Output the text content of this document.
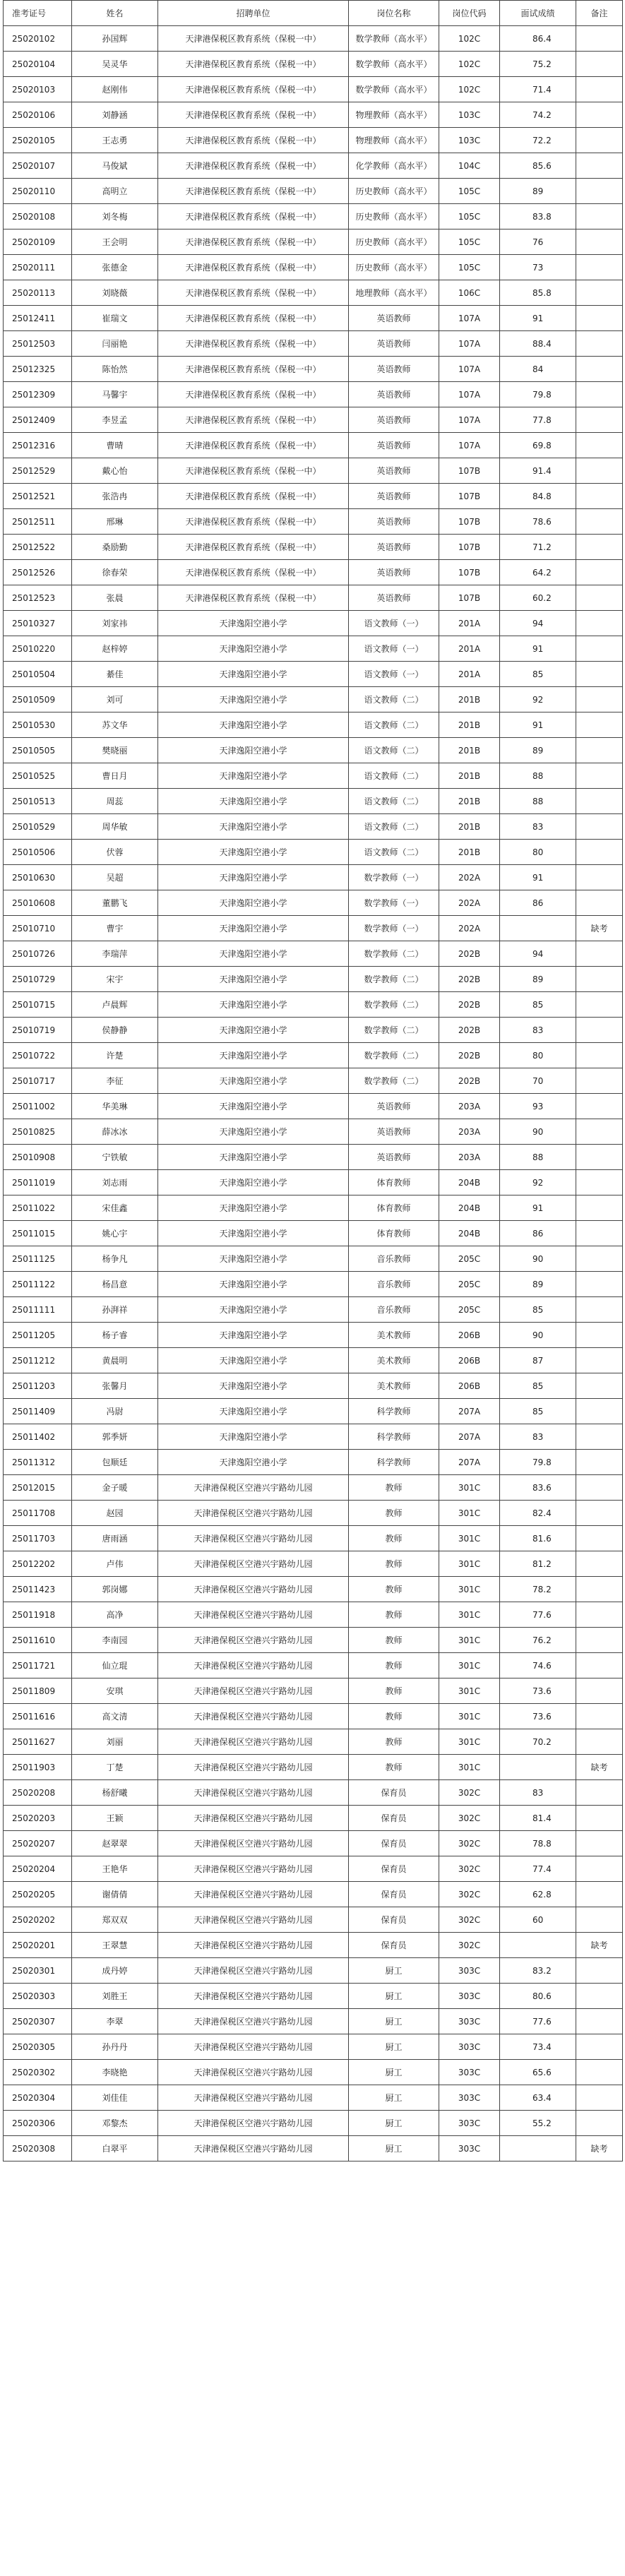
准考证号	姓名	招聘单位	岗位名称	岗位代码	面试成绩	备注
25020102	孙国辉	天津港保税区教育系统（保税一中）	数学教师（高水平）	102C	86.4	
25020104	吴灵华	天津港保税区教育系统（保税一中）	数学教师（高水平）	102C	75.2	
25020103	赵刚伟	天津港保税区教育系统（保税一中）	数学教师（高水平）	102C	71.4	
25020106	刘静涵	天津港保税区教育系统（保税一中）	物理教师（高水平）	103C	74.2	
25020105	王志勇	天津港保税区教育系统（保税一中）	物理教师（高水平）	103C	72.2	
25020107	马俊斌	天津港保税区教育系统（保税一中）	化学教师（高水平）	104C	85.6	
25020110	高明立	天津港保税区教育系统（保税一中）	历史教师（高水平）	105C	89	
25020108	刘冬梅	天津港保税区教育系统（保税一中）	历史教师（高水平）	105C	83.8	
25020109	王会明	天津港保税区教育系统（保税一中）	历史教师（高水平）	105C	76	
25020111	张德金	天津港保税区教育系统（保税一中）	历史教师（高水平）	105C	73	
25020113	刘晓薇	天津港保税区教育系统（保税一中）	地理教师（高水平）	106C	85.8	
25012411	崔瑞文	天津港保税区教育系统（保税一中）	英语教师	107A	91	
25012503	闫丽艳	天津港保税区教育系统（保税一中）	英语教师	107A	88.4	
25012325	陈怡然	天津港保税区教育系统（保税一中）	英语教师	107A	84	
25012309	马馨宇	天津港保税区教育系统（保税一中）	英语教师	107A	79.8	
25012409	李昱孟	天津港保税区教育系统（保税一中）	英语教师	107A	77.8	
25012316	曹晴	天津港保税区教育系统（保税一中）	英语教师	107A	69.8	
25012529	戴心怡	天津港保税区教育系统（保税一中）	英语教师	107B	91.4	
25012521	张浩冉	天津港保税区教育系统（保税一中）	英语教师	107B	84.8	
25012511	邢琳	天津港保税区教育系统（保税一中）	英语教师	107B	78.6	
25012522	桑励勤	天津港保税区教育系统（保税一中）	英语教师	107B	71.2	
25012526	徐春荣	天津港保税区教育系统（保税一中）	英语教师	107B	64.2	
25012523	张晨	天津港保税区教育系统（保税一中）	英语教师	107B	60.2	
25010327	刘家祎	天津逸阳空港小学	语文教师（一）	201A	94	
25010220	赵梓婷	天津逸阳空港小学	语文教师（一）	201A	91	
25010504	綦佳	天津逸阳空港小学	语文教师（一）	201A	85	
25010509	刘可	天津逸阳空港小学	语文教师（二）	201B	92	
25010530	苏文华	天津逸阳空港小学	语文教师（二）	201B	91	
25010505	樊晓丽	天津逸阳空港小学	语文教师（二）	201B	89	
25010525	曹日月	天津逸阳空港小学	语文教师（二）	201B	88	
25010513	周蕊	天津逸阳空港小学	语文教师（二）	201B	88	
25010529	周华敏	天津逸阳空港小学	语文教师（二）	201B	83	
25010506	伏蓉	天津逸阳空港小学	语文教师（二）	201B	80	
25010630	吴超	天津逸阳空港小学	数学教师（一）	202A	91	
25010608	董鹏飞	天津逸阳空港小学	数学教师（一）	202A	86	
25010710	曹宇	天津逸阳空港小学	数学教师（一）	202A		缺考
25010726	李瑞萍	天津逸阳空港小学	数学教师（二）	202B	94	
25010729	宋宇	天津逸阳空港小学	数学教师（二）	202B	89	
25010715	卢晨辉	天津逸阳空港小学	数学教师（二）	202B	85	
25010719	侯静静	天津逸阳空港小学	数学教师（二）	202B	83	
25010722	许楚	天津逸阳空港小学	数学教师（二）	202B	80	
25010717	李征	天津逸阳空港小学	数学教师（二）	202B	70	
25011002	华美琳	天津逸阳空港小学	英语教师	203A	93	
25010825	薛冰冰	天津逸阳空港小学	英语教师	203A	90	
25010908	宁铁敏	天津逸阳空港小学	英语教师	203A	88	
25011019	刘志雨	天津逸阳空港小学	体育教师	204B	92	
25011022	宋佳鑫	天津逸阳空港小学	体育教师	204B	91	
25011015	姚心宇	天津逸阳空港小学	体育教师	204B	86	
25011125	杨争凡	天津逸阳空港小学	音乐教师	205C	90	
25011122	杨昌意	天津逸阳空港小学	音乐教师	205C	89	
25011111	孙湃祥	天津逸阳空港小学	音乐教师	205C	85	
25011205	杨子睿	天津逸阳空港小学	美术教师	206B	90	
25011212	黄晨明	天津逸阳空港小学	美术教师	206B	87	
25011203	张馨月	天津逸阳空港小学	美术教师	206B	85	
25011409	冯尉	天津逸阳空港小学	科学教师	207A	85	
25011402	郭季妍	天津逸阳空港小学	科学教师	207A	83	
25011312	包顺廷	天津逸阳空港小学	科学教师	207A	79.8	
25012015	金子暖	天津港保税区空港兴宇路幼儿园	教师	301C	83.6	
25011708	赵园	天津港保税区空港兴宇路幼儿园	教师	301C	82.4	
25011703	唐雨涵	天津港保税区空港兴宇路幼儿园	教师	301C	81.6	
25012202	卢伟	天津港保税区空港兴宇路幼儿园	教师	301C	81.2	
25011423	郭岗娜	天津港保税区空港兴宇路幼儿园	教师	301C	78.2	
25011918	高净	天津港保税区空港兴宇路幼儿园	教师	301C	77.6	
25011610	李南园	天津港保税区空港兴宇路幼儿园	教师	301C	76.2	
25011721	仙立琨	天津港保税区空港兴宇路幼儿园	教师	301C	74.6	
25011809	安琪	天津港保税区空港兴宇路幼儿园	教师	301C	73.6	
25011616	高文清	天津港保税区空港兴宇路幼儿园	教师	301C	73.6	
25011627	刘丽	天津港保税区空港兴宇路幼儿园	教师	301C	70.2	
25011903	丁楚	天津港保税区空港兴宇路幼儿园	教师	301C		缺考
25020208	杨舒曦	天津港保税区空港兴宇路幼儿园	保育员	302C	83	
25020203	王颖	天津港保税区空港兴宇路幼儿园	保育员	302C	81.4	
25020207	赵翠翠	天津港保税区空港兴宇路幼儿园	保育员	302C	78.8	
25020204	王艳华	天津港保税区空港兴宇路幼儿园	保育员	302C	77.4	
25020205	谢倩倩	天津港保税区空港兴宇路幼儿园	保育员	302C	62.8	
25020202	郑双双	天津港保税区空港兴宇路幼儿园	保育员	302C	60	
25020201	王翠慧	天津港保税区空港兴宇路幼儿园	保育员	302C		缺考
25020301	成丹婷	天津港保税区空港兴宇路幼儿园	厨工	303C	83.2	
25020303	刘胜王	天津港保税区空港兴宇路幼儿园	厨工	303C	80.6	
25020307	李翠	天津港保税区空港兴宇路幼儿园	厨工	303C	77.6	
25020305	孙丹丹	天津港保税区空港兴宇路幼儿园	厨工	303C	73.4	
25020302	李晓艳	天津港保税区空港兴宇路幼儿园	厨工	303C	65.6	
25020304	刘佳佳	天津港保税区空港兴宇路幼儿园	厨工	303C	63.4	
25020306	邓黎杰	天津港保税区空港兴宇路幼儿园	厨工	303C	55.2	
25020308	白翠平	天津港保税区空港兴宇路幼儿园	厨工	303C		缺考
